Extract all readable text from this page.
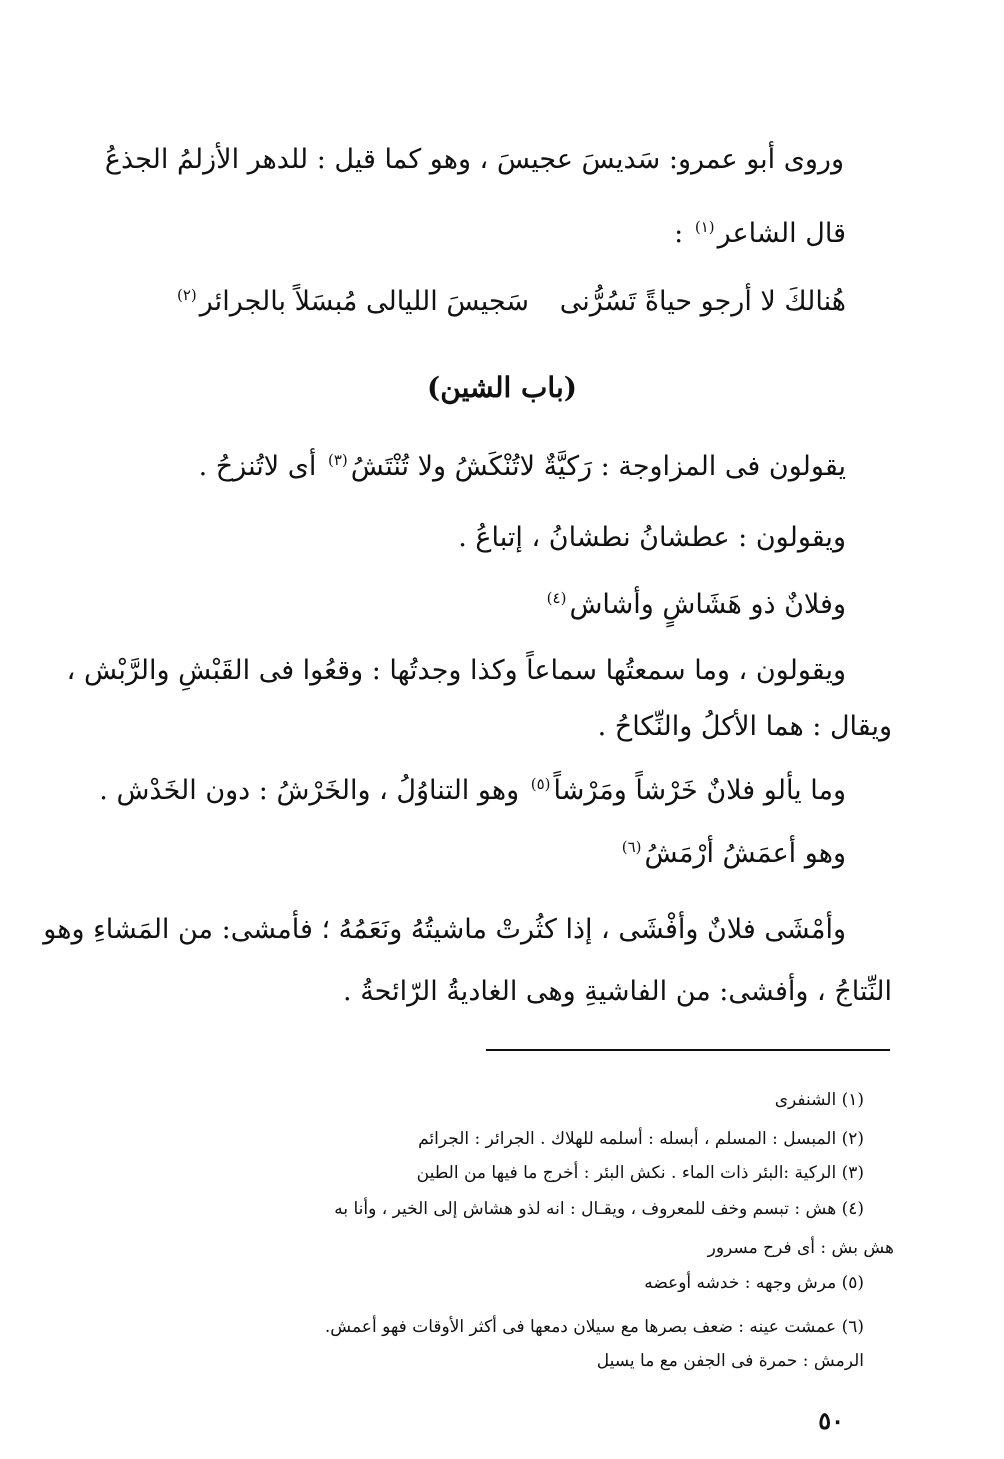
وروى أبو عمرو: سَديسَ عجيسَ ، وهو كما قيل : للدهر الأزلمُ الجذعُ

قال الشاعر$^{(١)}$ :

هُنالكَ لا أرجو حياةً تَسُرُّنى
سَجيسَ الليالى مُبسَلاً بالجرائر$^{(٢)}$
(باب الشين)

يقولون فى المزاوجة : رَكيَّةٌ لاتُنْكَشُ ولا تُنْتَشُ$^{(٣)}$ أى لاتُنزحُ .

ويقولون : عطشانُ نطشانُ ، إتباعُ .

وفلانٌ ذو هَشَاشٍ وأشاش$^{(٤)}$

ويقولون ، وما سمعتُها سماعاً وكذا وجدتُها : وقعُوا فى القَبْشِ والرَّبْش ،

ويقال : هما الأكلُ والنِّكاحُ .

وما يألو فلانٌ خَرْشاً ومَرْشاً$^{(٥)}$ وهو التناوُلُ ، والخَرْشُ : دون الخَدْش .

وهو أعمَشُ أرْمَشُ$^{(٦)}$

وأمْشَى فلانٌ وأفْشَى ، إذا كثُرتْ ماشيتُهُ ونَعَمُهُ ؛ فأمشى: من المَشاءِ وهو

النِّتاجُ ، وأفشى: من الفاشيةِ وهى الغاديةُ الرّائحةُ .

(١) الشنفرى
(٢) المبسل : المسلم ، أبسله : أسلمه للهلاك . الجرائر : الجرائم
(٣) الركية :البئر ذات الماء . نكش البئر : أخرج ما فيها من الطين
(٤) هش : تبسم وخف للمعروف ، ويقـال : انه لذو هشاش إلى الخير ، وأنا به
هش بش : أى فرح مسرور
(٥) مرش وجهه : خدشه أوعضه
(٦) عمشت عينه : ضعف بصرها مع سيلان دمعها فى أكثر الأوقات فهو أعمش.
الرمش : حمرة فى الجفن مع ما يسيل
٥٠
